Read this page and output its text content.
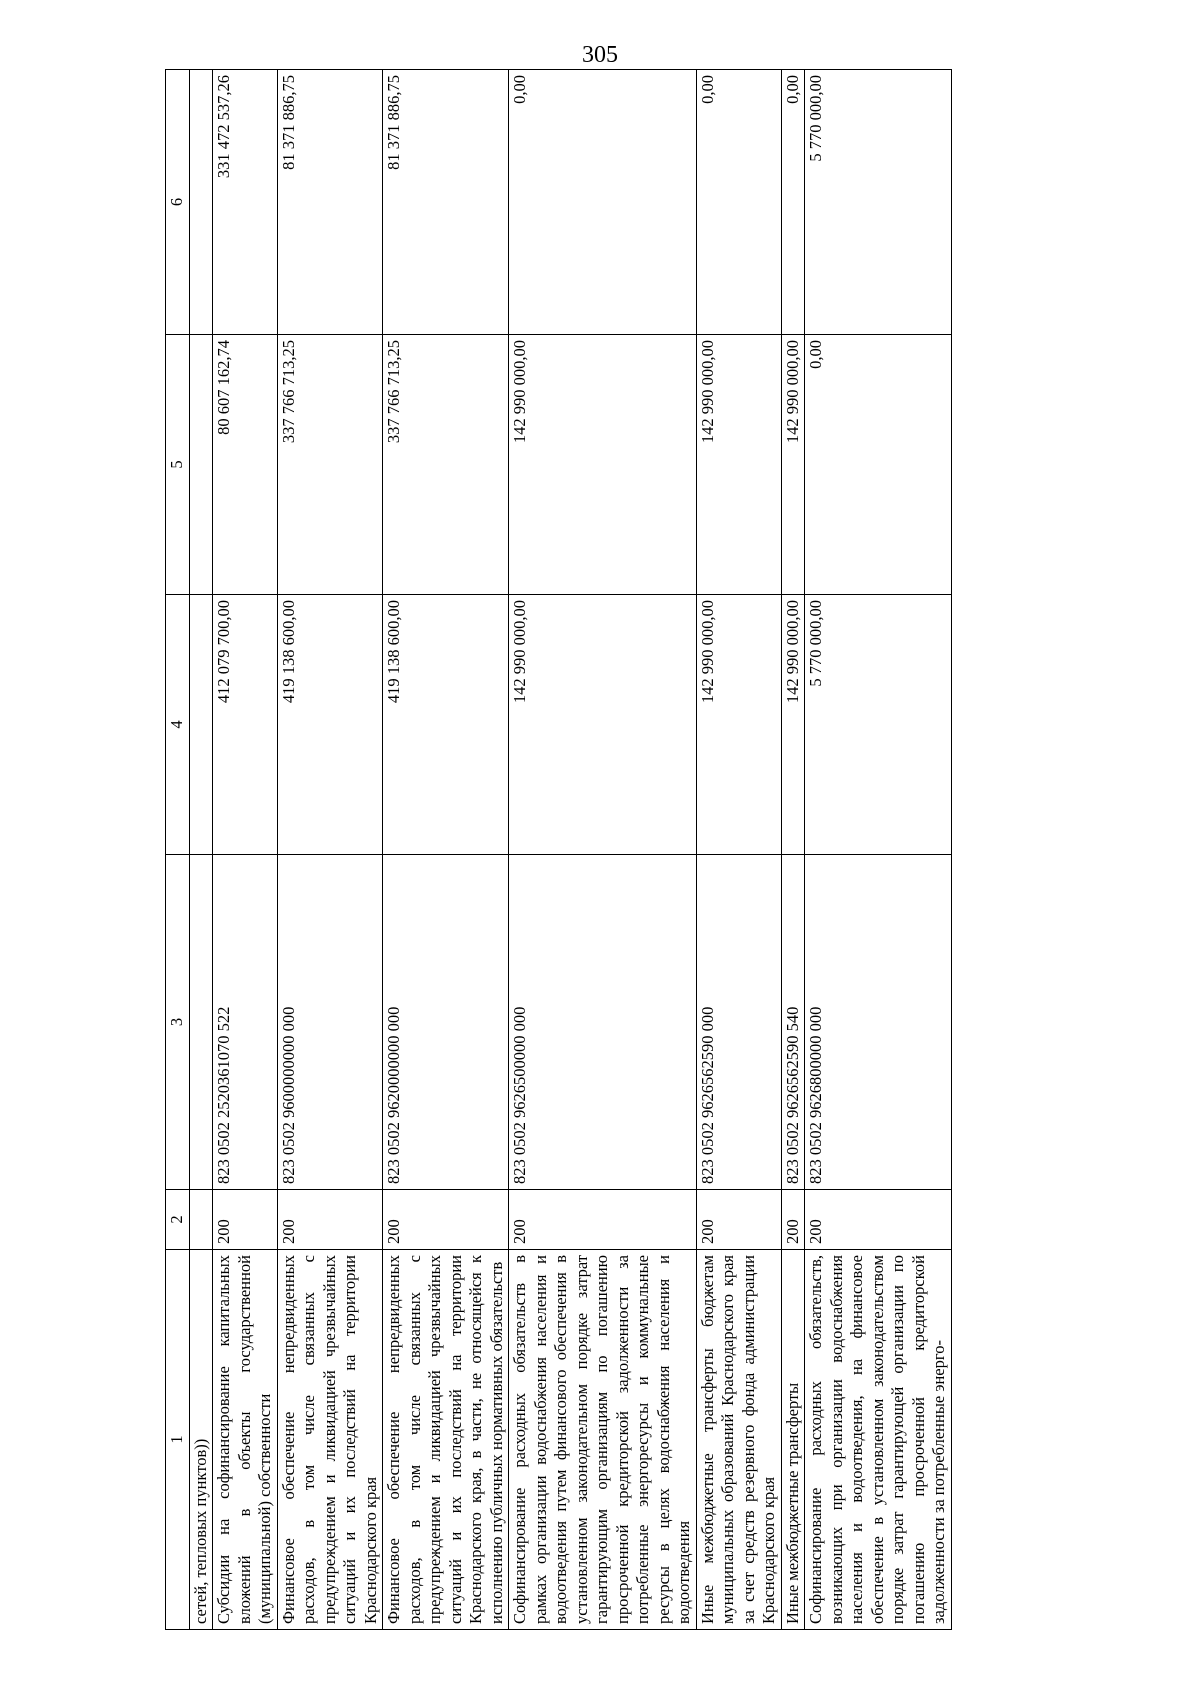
305
1	2	3	4	5	6
сетей, тепловых пунктов))					
Субсидии на софинансирование капитальных вложений в объекты государственной (муниципальной) собственности	200	823 0502 2520361070 522	412 079 700,00	80 607 162,74	331 472 537,26
Финансовое обеспечение непредвиденных расходов, в том числе связанных с предупреждением и ликвидацией чрезвычайных ситуаций и их последствий на территории Краснодарского края	200	823 0502 9600000000 000	419 138 600,00	337 766 713,25	81 371 886,75
Финансовое обеспечение непредвиденных расходов, в том числе связанных с предупреждением и ликвидацией чрезвычайных ситуаций и их последствий на территории Краснодарского края, в части, не относящейся к исполнению публичных нормативных обязательств	200	823 0502 9620000000 000	419 138 600,00	337 766 713,25	81 371 886,75
Софинансирование расходных обязательств в рамках организации водоснабжения населения и водоотведения путем финансового обеспечения в установленном законодательном порядке затрат гарантирующим организациям по погашению просроченной кредиторской задолженности за потребленные энергоресурсы и коммунальные ресурсы в целях водоснабжения населения и водоотведения	200	823 0502 9626500000 000	142 990 000,00	142 990 000,00	0,00
Иные межбюджетные трансферты бюджетам муниципальных образований Краснодарского края за счет средств резервного фонда администрации Краснодарского края	200	823 0502 9626562590 000	142 990 000,00	142 990 000,00	0,00
Иные межбюджетные трансферты	200	823 0502 9626562590 540	142 990 000,00	142 990 000,00	0,00
Софинансирование расходных обязательств, возникающих при организации водоснабжения населения и водоотведения, на финансовое обеспечение в установленном законодательством порядке затрат гарантирующей организации по погашению просроченной кредиторской задолженности за потребленные энерго-	200	823 0502 9626800000 000	5 770 000,00	0,00	5 770 000,00
